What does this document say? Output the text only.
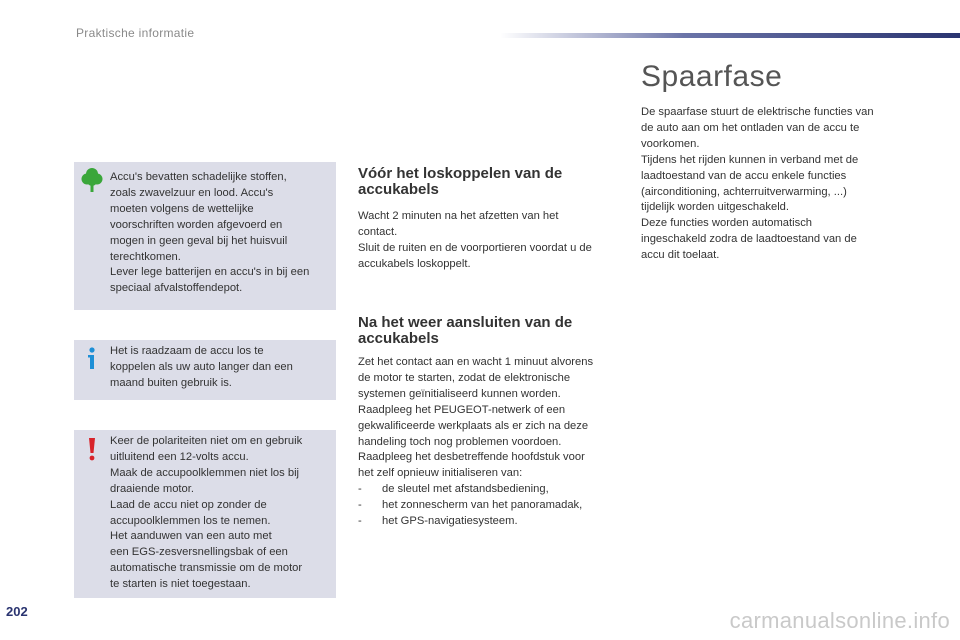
Praktische informatie

Accu's bevatten schadelijke stoffen,
zoals zwavelzuur en lood. Accu's
moeten volgens de wettelijke
voorschriften worden afgevoerd en
mogen in geen geval bij het huisvuil
terechtkomen.
Lever lege batterijen en accu's in bij een
speciaal afvalstoffendepot.

Het is raadzaam de accu los te
koppelen als uw auto langer dan een
maand buiten gebruik is.

Keer de polariteiten niet om en gebruik
uitluitend een 12-volts accu.
Maak de accupoolklemmen niet los bij
draaiende motor.
Laad de accu niet op zonder de
accupoolklemmen los te nemen.
Het aanduwen van een auto met
een EGS-zesversnellingsbak of een
automatische transmissie om de motor
te starten is niet toegestaan.

Vóór het loskoppelen van de
accukabels

Wacht 2 minuten na het afzetten van het
contact.
Sluit de ruiten en de voorportieren voordat u de
accukabels loskoppelt.

Na het weer aansluiten van de
accukabels

Zet het contact aan en wacht 1 minuut alvorens
de motor te starten, zodat de elektronische
systemen geïnitialiseerd kunnen worden.
Raadpleeg het PEUGEOT-netwerk of een
gekwalificeerde werkplaats als er zich na deze
handeling toch nog problemen voordoen.
Raadpleeg het desbetreffende hoofdstuk voor
het zelf opnieuw initialiseren van:
- de sleutel met afstandsbediening,
- het zonnescherm van het panoramadak,
- het GPS-navigatiesysteem.

Spaarfase

De spaarfase stuurt de elektrische functies van
de auto aan om het ontladen van de accu te
voorkomen.
Tijdens het rijden kunnen in verband met de
laadtoestand van de accu enkele functies
(airconditioning, achterruitverwarming, ...)
tijdelijk worden uitgeschakeld.
Deze functies worden automatisch
ingeschakeld zodra de laadtoestand van de
accu dit toelaat.

202	carmanualsonline.info
